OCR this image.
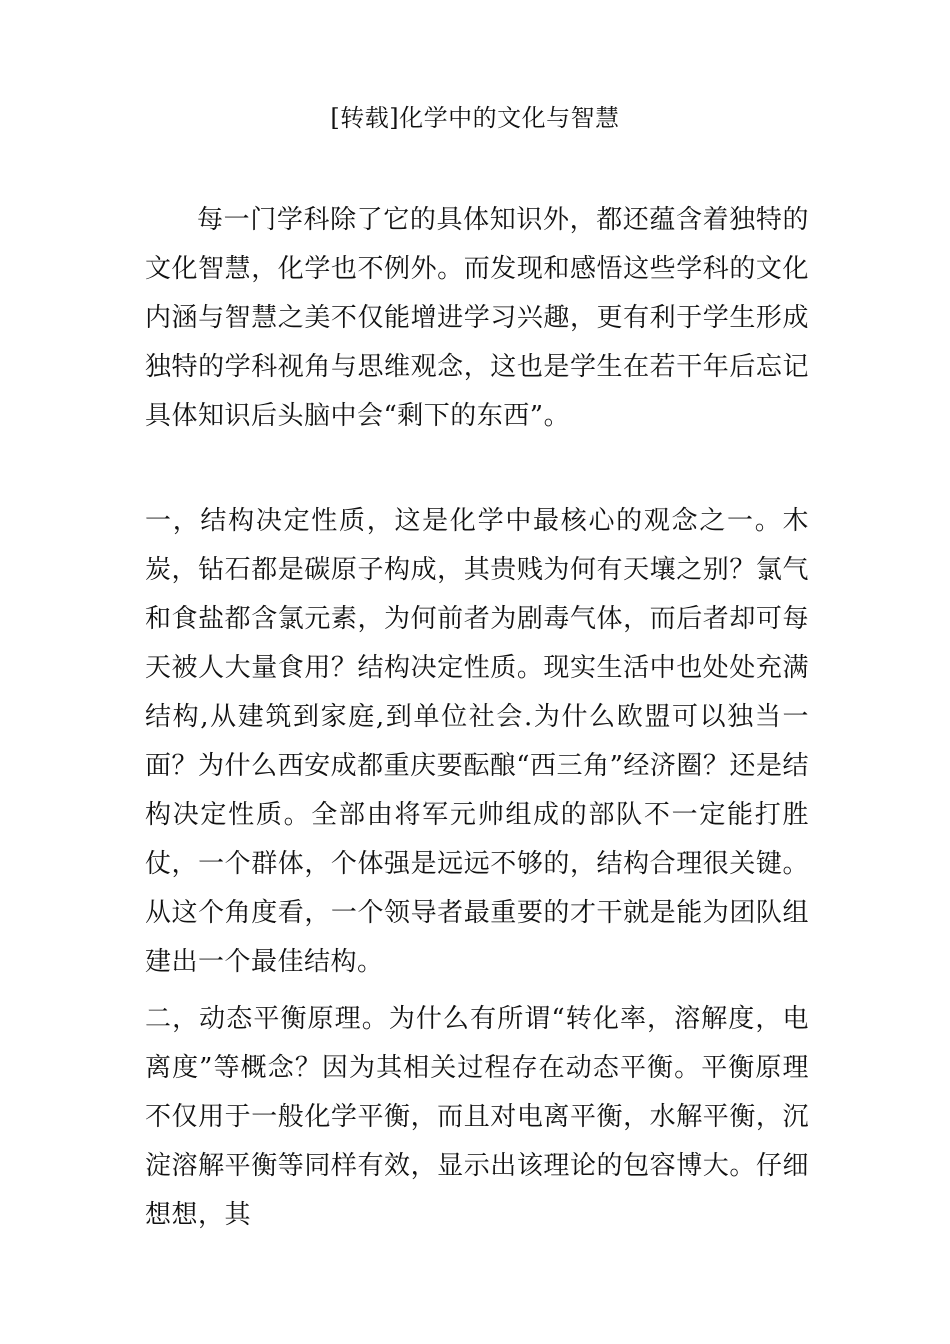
[转载]化学中的文化与智慧

每一门学科除了它的具体知识外，都还蕴含着独特的文化智慧，化学也不例外。而发现和感悟这些学科的文化内涵与智慧之美不仅能增进学习兴趣，更有利于学生形成独特的学科视角与思维观念，这也是学生在若干年后忘记具体知识后头脑中会“剩下的东西”。

一，结构决定性质，这是化学中最核心的观念之一。木炭，钻石都是碳原子构成，其贵贱为何有天壤之别？氯气和食盐都含氯元素，为何前者为剧毒气体，而后者却可每天被人大量食用？结构决定性质。现实生活中也处处充满结构,从建筑到家庭,到单位社会.为什么欧盟可以独当一面？为什么西安成都重庆要酝酿“西三角”经济圈？还是结构决定性质。全部由将军元帅组成的部队不一定能打胜仗，一个群体，个体强是远远不够的，结构合理很关键。从这个角度看，一个领导者最重要的才干就是能为团队组建出一个最佳结构。

二，动态平衡原理。为什么有所谓“转化率，溶解度，电离度”等概念？因为其相关过程存在动态平衡。平衡原理不仅用于一般化学平衡，而且对电离平衡，水解平衡，沉淀溶解平衡等同样有效，显示出该理论的包容博大。仔细想想，其
